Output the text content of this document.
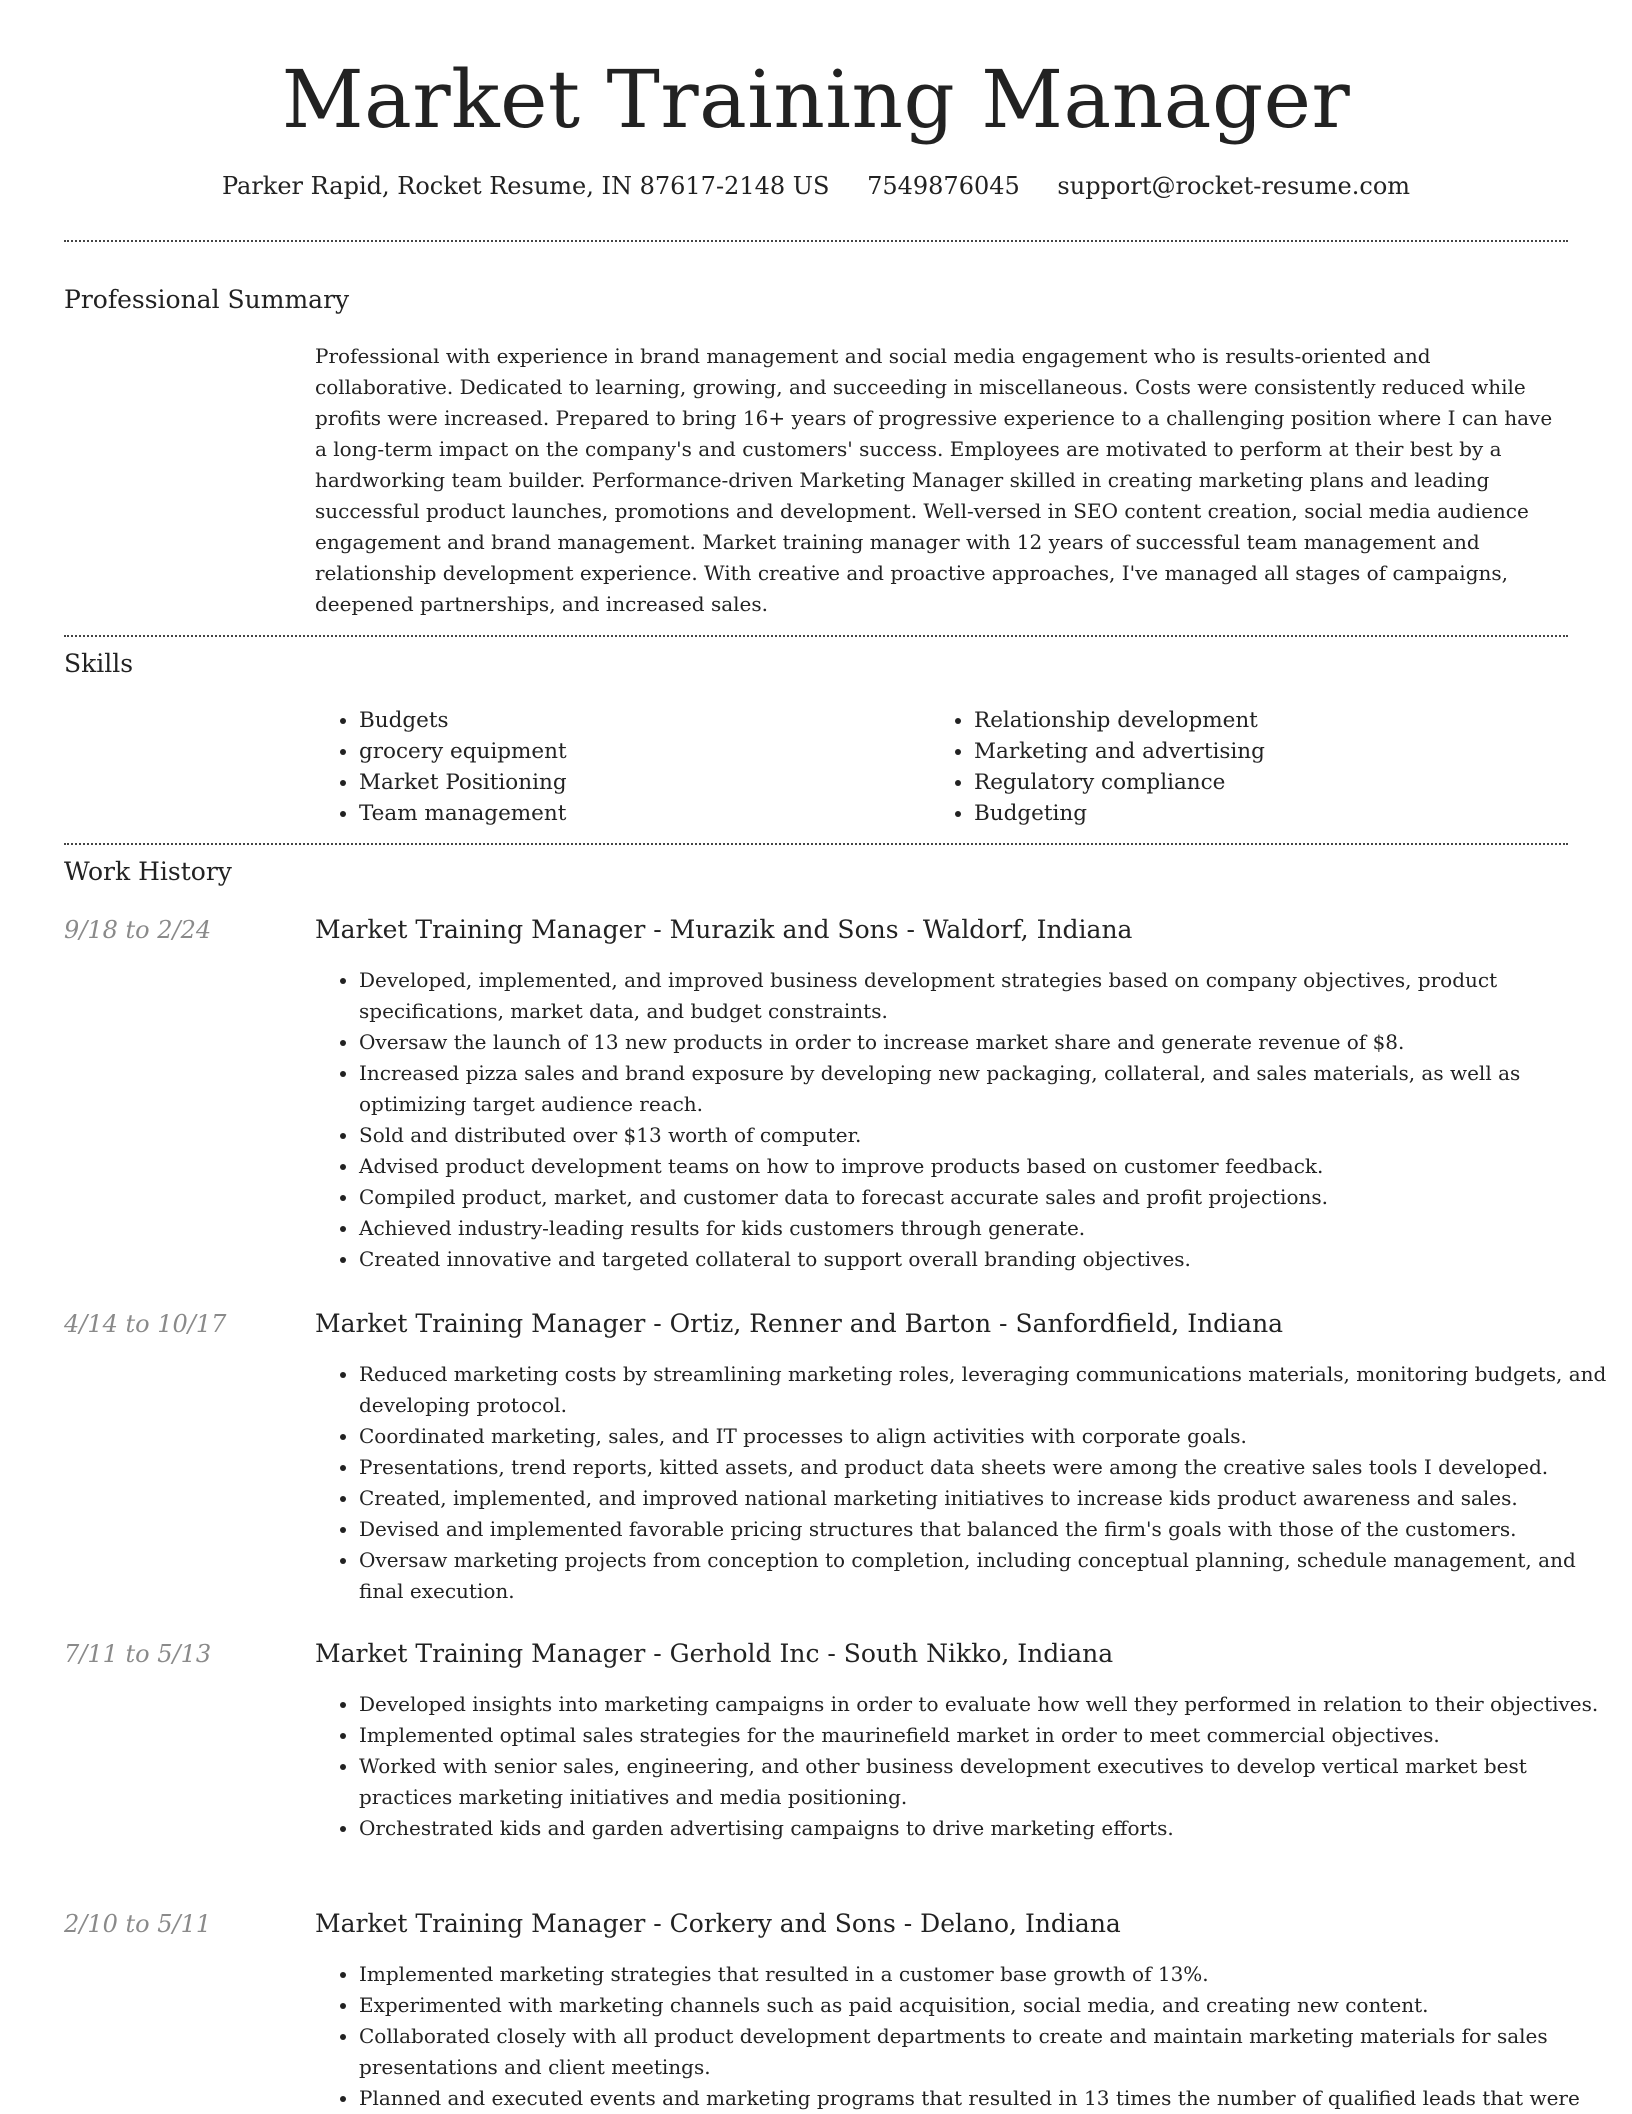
Market Training Manager
Parker Rapid, Rocket Resume, IN 87617-2148 US 7549876045 support@rocket-resume.com
Professional Summary

Professional with experience in brand management and social media engagement who is results-oriented and collaborative. Dedicated to learning, growing, and succeeding in miscellaneous. Costs were consistently reduced while profits were increased. Prepared to bring 16+ years of progressive experience to a challenging position where I can have a long-term impact on the company's and customers' success. Employees are motivated to perform at their best by a hardworking team builder. Performance-driven Marketing Manager skilled in creating marketing plans and leading successful product launches, promotions and development. Well-versed in SEO content creation, social media audience engagement and brand management. Market training manager with 12 years of successful team management and relationship development experience. With creative and proactive approaches, I've managed all stages of campaigns, deepened partnerships, and increased sales.

Skills
• Budgets
• grocery equipment
• Market Positioning
• Team management
• Relationship development
• Marketing and advertising
• Regulatory compliance
• Budgeting
Work History
9/18 to 2/24	Market Training Manager - Murazik and Sons - Waldorf, Indiana
• Developed, implemented, and improved business development strategies based on company objectives, product specifications, market data, and budget constraints.
• Oversaw the launch of 13 new products in order to increase market share and generate revenue of $8.
• Increased pizza sales and brand exposure by developing new packaging, collateral, and sales materials, as well as optimizing target audience reach.
• Sold and distributed over $13 worth of computer.
• Advised product development teams on how to improve products based on customer feedback.
• Compiled product, market, and customer data to forecast accurate sales and profit projections.
• Achieved industry-leading results for kids customers through generate.
• Created innovative and targeted collateral to support overall branding objectives.
4/14 to 10/17	Market Training Manager - Ortiz, Renner and Barton - Sanfordfield, Indiana
• Reduced marketing costs by streamlining marketing roles, leveraging communications materials, monitoring budgets, and developing protocol.
• Coordinated marketing, sales, and IT processes to align activities with corporate goals.
• Presentations, trend reports, kitted assets, and product data sheets were among the creative sales tools I developed.
• Created, implemented, and improved national marketing initiatives to increase kids product awareness and sales.
• Devised and implemented favorable pricing structures that balanced the firm's goals with those of the customers.
• Oversaw marketing projects from conception to completion, including conceptual planning, schedule management, and final execution.
7/11 to 5/13	Market Training Manager - Gerhold Inc - South Nikko, Indiana
• Developed insights into marketing campaigns in order to evaluate how well they performed in relation to their objectives.
• Implemented optimal sales strategies for the maurinefield market in order to meet commercial objectives.
• Worked with senior sales, engineering, and other business development executives to develop vertical market best practices marketing initiatives and media positioning.
• Orchestrated kids and garden advertising campaigns to drive marketing efforts.
2/10 to 5/11	Market Training Manager - Corkery and Sons - Delano, Indiana
• Implemented marketing strategies that resulted in a customer base growth of 13%.
• Experimented with marketing channels such as paid acquisition, social media, and creating new content.
• Collaborated closely with all product development departments to create and maintain marketing materials for sales presentations and client meetings.
• Planned and executed events and marketing programs that resulted in 13 times the number of qualified leads that were
